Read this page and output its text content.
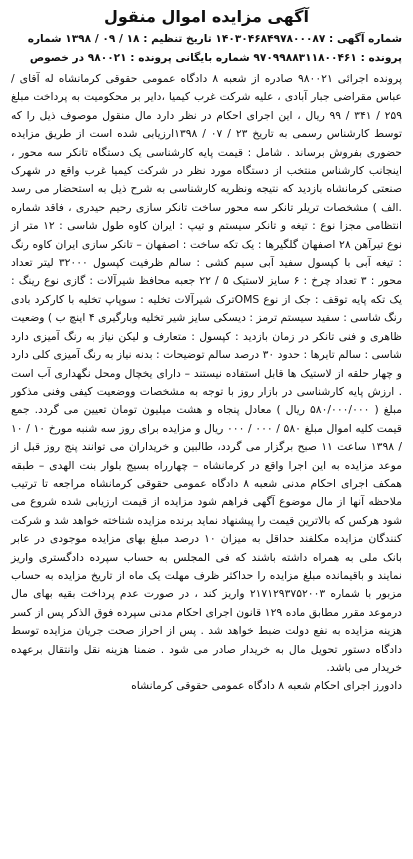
آگهی مزایده اموال منقول
شماره آگهی : ۱۴۰۳۰۴۶۸۴۹۷۸۰۰۰۸۷ تاریخ تنظیم : ۱۸ / ۰۹ / ۱۳۹۸ شماره
پرونده : ۹۷۰۹۹۸۸۳۱۱۸۰۰۴۶۱ شماره بایگانی پرونده : ۹۸۰۰۲۱ در خصوص
پرونده اجرائی ۹۸۰۰۲۱ صادره از شعبه ۸ دادگاه عمومی حقوقی کرمانشاه له آقای / عباس مقراضی جبار آبادی ، علیه شرکت غرب کیمیا ،دایر بر محکومیت به پرداخت مبلغ ۲۵۹ / ۳۴۱ / ۹۹ ریال ، این اجرای احکام در نظر دارد مال منقول موصوف ذیل را که توسط کارشناس رسمی به تاریخ ۲۳ / ۰۷ / ۱۳۹۸ارزیابی شده است از طریق مزایده حضوری بفروش برساند . شامل : قیمت پایه کارشناسی یک دستگاه تانکر سه محور ، اینجانب کارشناس منتخب از دستگاه مورد نظر در شرکت کیمیا غرب واقع در شهرک صنعتی کرمانشاه بازدید که نتیجه ونظریه کارشناسی به شرح ذیل به استحضار می رسد .الف ) مشخصات تریلر تانکر سه محور ساخت تانکر سازی رحیم حیدری ، فاقد شماره انتظامی مجزا نوع : تیغه و تانکر سیستم و تیپ : ایران کاوه طول شاسی : ۱۲ متر از نوع تیرآهن ۲۸ اصفهان گلگیرها : یک تکه ساخت : اصفهان – تانکر سازی ایران کاوه رنگ : تیغه آبی با کپسول سفید آبی سیم کشی : سالم ظرفیت کپسول ۳۲۰۰۰ لیتر تعداد محور : ۳ تعداد چرخ : ۶ سایز لاستیک ۵ / ۲۲ جعبه محافظ شیرآلات : گازی نوع رینگ : یک تکه پایه توقف : جک از نوع OMSترک شیرآلات تخلیه : سوپاپ تخلیه با کارکرد بادی رنگ شاسی : سفید سیستم ترمز : دیسکی سایز شیر تخلیه وبارگیری ۴ اینچ ب ) وضعیت ظاهری و فنی تانکر در زمان بازدید : کپسول : متعارف و لیکن نیاز به رنگ آمیزی دارد شاسی : سالم تایرها : حدود ۳۰ درصد سالم توضیحات : بدنه نیاز به رنگ آمیزی کلی دارد و چهار حلقه از لاستیک ها قابل استفاده نیستند – دارای یخچال ومحل نگهداری آب است . ارزش پایه کارشناسی در بازار روز با توجه به مشخصات ووضعیت کیفی وفنی مذکور مبلغ ( ۵۸۰/۰۰۰/۰۰۰ ریال ) معادل پنجاه و هشت میلیون تومان تعیین می گردد. جمع قیمت کلیه اموال مبلغ ۵۸۰ / ۰۰۰ / ۰۰۰ ریال و مزایده برای روز سه شنبه مورخ ۱۰ / ۱۰ / ۱۳۹۸ ساعت ۱۱ صبح برگزار می گردد، طالبین و خریداران می توانند پنج روز قبل از موعد مزایده به این اجرا واقع در کرمانشاه – چهارراه بسیج بلوار بنت الهدی – طبقه همکف اجرای احکام مدنی شعبه ۸ دادگاه عمومی حقوقی کرمانشاه مراجعه تا ترتیب ملاحظه آنها از مال موضوع آگهی فراهم شود مزایده از قیمت ارزیابی شده شروع می شود هرکس که بالاترین قیمت را پیشنهاد نماید برنده مزایده شناخته خواهد شد و شرکت کنندگان مزایده مکلفند حداقل به میزان ۱۰ درصد مبلغ بهای مزایده موجودی در عابر بانک ملی به همراه داشته باشند که فی المجلس به حساب سپرده دادگستری واریز نمایند و باقیمانده مبلغ مزایده را حداکثر ظرف مهلت یک ماه از تاریخ مزایده به حساب مزبور با شماره ۲۱۷۱۲۹۳۷۵۲۰۰۳ واریز کند ، در صورت عدم پرداخت بقیه بهای مال درموعد مقرر مطابق ماده ۱۲۹ قانون اجرای احکام مدنی سپرده فوق الذکر پس از کسر هزینه مزایده به نفع دولت ضبط خواهد شد . پس از احراز صحت جریان مزایده توسط دادگاه دستور تحویل مال به خریدار صادر می شود . ضمنا هزینه نقل وانتقال برعهده خریدار می باشد.
دادورز اجرای احکام شعبه ۸ دادگاه عمومی حقوقی کرمانشاه
